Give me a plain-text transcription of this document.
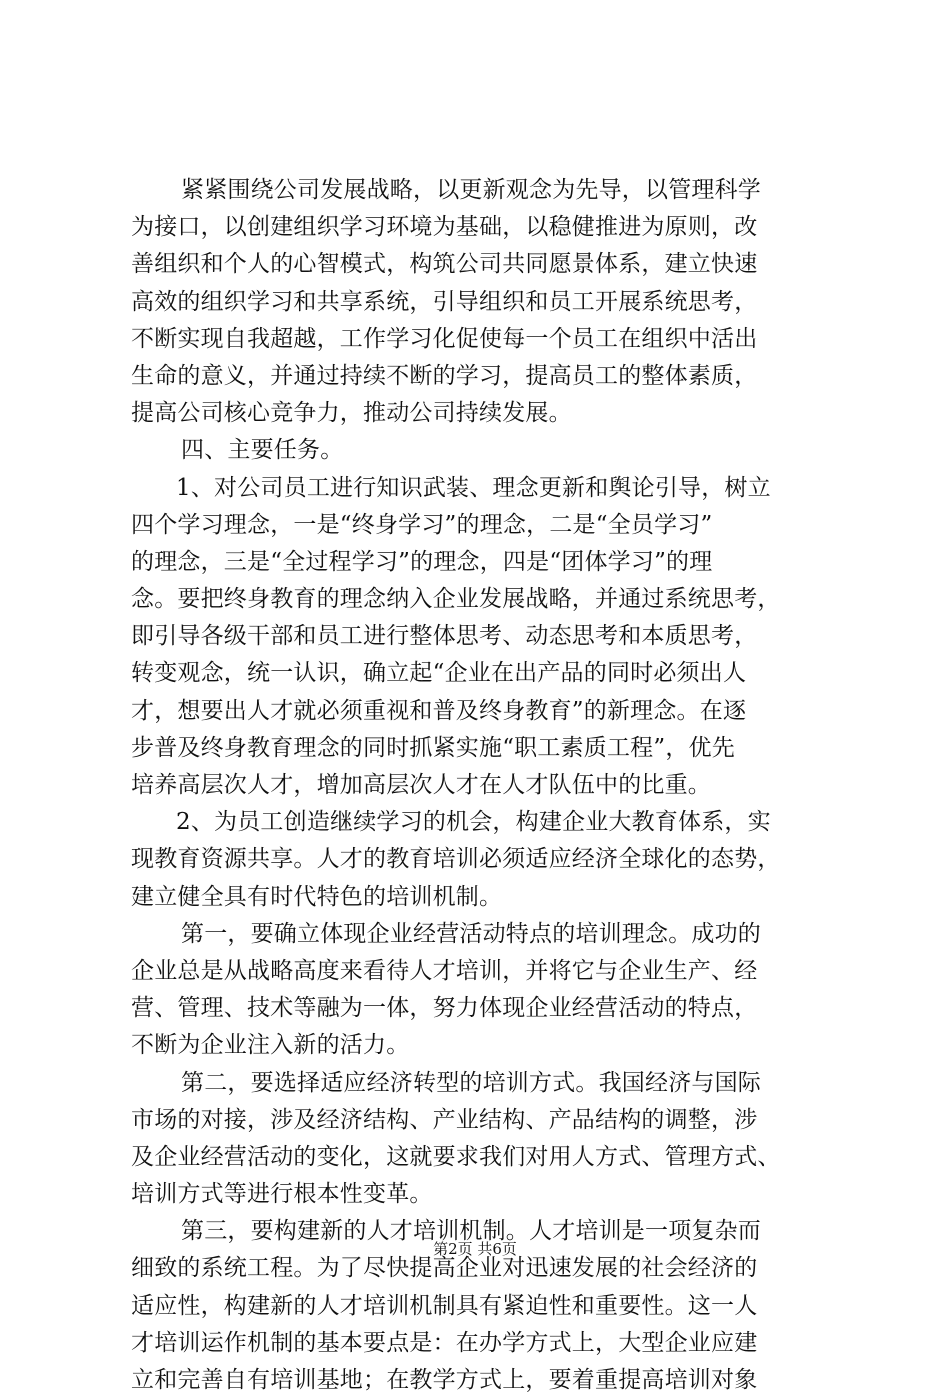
紧紧围绕公司发展战略，以更新观念为先导，以管理科学
为接口，以创建组织学习环境为基础，以稳健推进为原则，改
善组织和个人的心智模式，构筑公司共同愿景体系，建立快速
高效的组织学习和共享系统，引导组织和员工开展系统思考，
不断实现自我超越，工作学习化促使每一个员工在组织中活出
生命的意义，并通过持续不断的学习，提高员工的整体素质，
提高公司核心竞争力，推动公司持续发展。
四、主要任务。
1、对公司员工进行知识武装、理念更新和舆论引导，树立
四个学习理念，一是“终身学习”的理念，二是“全员学习”
的理念，三是“全过程学习”的理念，四是“团体学习”的理
念。要把终身教育的理念纳入企业发展战略，并通过系统思考，
即引导各级干部和员工进行整体思考、动态思考和本质思考，
转变观念，统一认识，确立起“企业在出产品的同时必须出人
才，想要出人才就必须重视和普及终身教育”的新理念。在逐
步普及终身教育理念的同时抓紧实施“职工素质工程”，优先
培养高层次人才，增加高层次人才在人才队伍中的比重。
2、为员工创造继续学习的机会，构建企业大教育体系，实
现教育资源共享。人才的教育培训必须适应经济全球化的态势，
建立健全具有时代特色的培训机制。
第一，要确立体现企业经营活动特点的培训理念。成功的
企业总是从战略高度来看待人才培训，并将它与企业生产、经
营、管理、技术等融为一体，努力体现企业经营活动的特点，
不断为企业注入新的活力。
第二，要选择适应经济转型的培训方式。我国经济与国际
市场的对接，涉及经济结构、产业结构、产品结构的调整，涉
及企业经营活动的变化，这就要求我们对用人方式、管理方式、
培训方式等进行根本性变革。
第三，要构建新的人才培训机制。人才培训是一项复杂而
细致的系统工程。为了尽快提高企业对迅速发展的社会经济的
适应性，构建新的人才培训机制具有紧迫性和重要性。这一人
才培训运作机制的基本要点是：在办学方式上，大型企业应建
立和完善自有培训基地；在教学方式上，要着重提高培训对象
第2页 共6页
